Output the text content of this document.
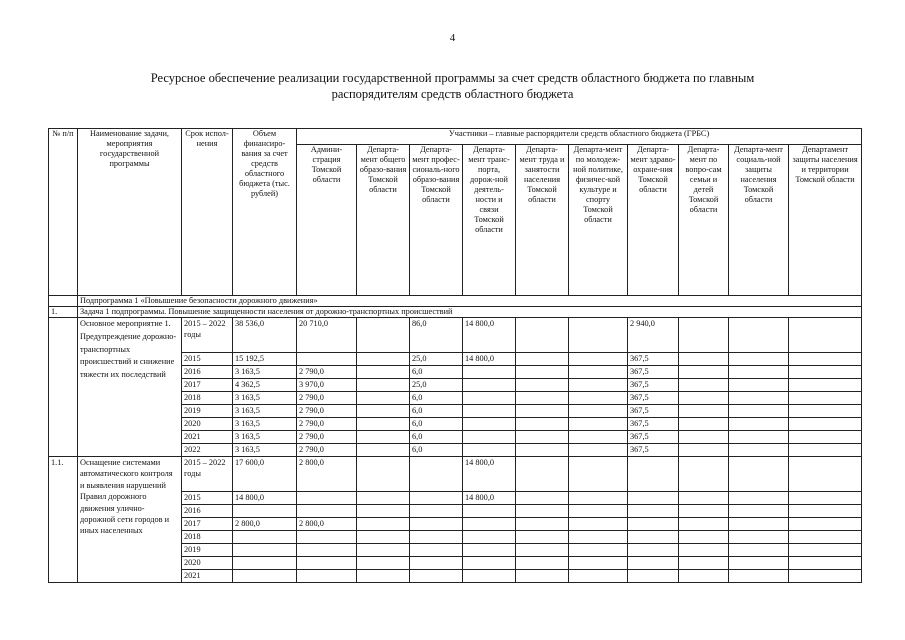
4
Ресурсное обеспечение реализации государственной программы за счет средств областного бюджета по главным
распорядителям средств областного бюджета
№ п/п	Наименование задачи, мероприятия государственной программы	Срок испол-нения	Объем финансиро-вания за счет средств областного бюджета (тыс. рублей)	Участники – главные распорядители средств областного бюджета (ГРБС)									
				Админи-страция Томской области	Департа-мент общего образо-вания Томской области	Департа-мент профес-сиональ-ного образо-вания Томской области	Департа-мент транс-порта, дорож-ной деятель-ности и связи Томской области	Департа-мент труда и занятости населения Томской области	Департа-мент по молодеж-ной политике, физичес-кой культуре и спорту Томской области	Департа-мент здраво-охране-ния Томской области	Департа-мент по вопро-сам семьи и детей Томской области	Департа-мент социаль-ной защиты населения Томской области	Департамент защиты населения и территории Томской области
	Подпрограмма 1 «Повышение безопасности дорожного движения»												
1.	Задача 1 подпрограммы. Повышение защищенности населения от дорожно-транспортных происшествий												
	Основное мероприятие 1. Предупреждение дорожно-транспортных происшествий и снижение тяжести их последствий	2015 – 2022 годы	38 536,0	20 710,0		86,0	14 800,0			2 940,0			
		2015	15 192,5			25,0	14 800,0			367,5			
		2016	3 163,5	2 790,0		6,0				367,5			
		2017	4 362,5	3 970,0		25,0				367,5			
		2018	3 163,5	2 790,0		6,0				367,5			
		2019	3 163,5	2 790,0		6,0				367,5			
		2020	3 163,5	2 790,0		6,0				367,5			
		2021	3 163,5	2 790,0		6,0				367,5			
		2022	3 163,5	2 790,0		6,0				367,5			
1.1.	Оснащение системами автоматического контроля и выявления нарушений Правил дорожного движения улично-дорожной сети городов и иных населенных	2015 – 2022 годы	17 600,0	2 800,0			14 800,0						
		2015	14 800,0				14 800,0						
		2016											
		2017	2 800,0	2 800,0									
		2018											
		2019											
		2020											
		2021											
